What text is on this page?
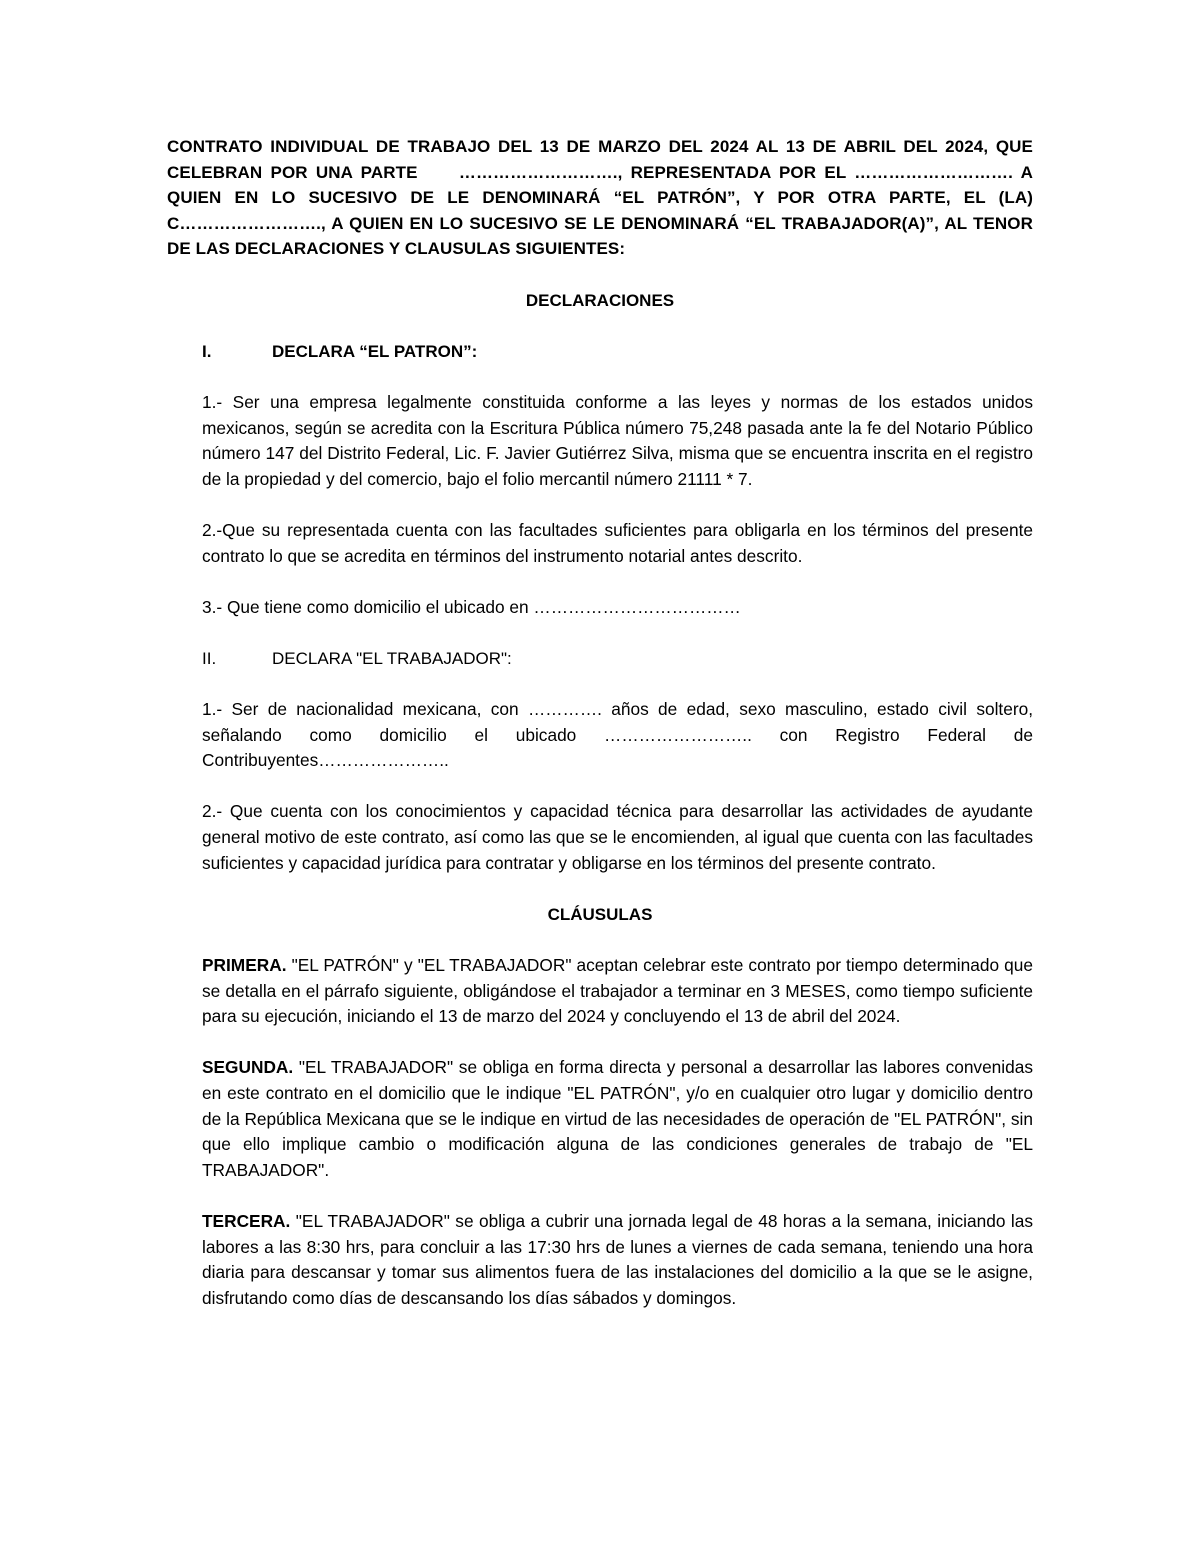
CONTRATO INDIVIDUAL DE TRABAJO DEL 13 DE MARZO DEL 2024 AL 13 DE ABRIL DEL 2024, QUE CELEBRAN POR UNA PARTE     ………………………., REPRESENTADA POR EL ………………………. A QUIEN EN LO SUCESIVO DE LE DENOMINARÁ “EL PATRÓN”, Y POR OTRA PARTE, EL (LA) C……………………., A QUIEN EN LO SUCESIVO SE LE DENOMINARÁ “EL TRABAJADOR(A)”, AL TENOR DE LAS DECLARACIONES Y CLAUSULAS SIGUIENTES:

DECLARACIONES

I.	DECLARA “EL PATRON”:

1.- Ser una empresa legalmente constituida conforme a las leyes y normas de los estados unidos mexicanos, según se acredita con la Escritura Pública número 75,248 pasada ante la fe del Notario Público número 147 del Distrito Federal, Lic. F. Javier Gutiérrez Silva, misma que se encuentra inscrita en el registro de la propiedad y del comercio, bajo el folio mercantil número 21111 * 7.

2.-Que su representada cuenta con las facultades suficientes para obligarla en los términos del presente contrato lo que se acredita en términos del instrumento notarial antes descrito.

3.- Que tiene como domicilio el ubicado en ………………………………

II.	DECLARA "EL TRABAJADOR":

1.- Ser de nacionalidad mexicana, con …………. años de edad, sexo masculino, estado civil soltero, señalando como domicilio el ubicado …………………….. con Registro Federal de Contribuyentes…………………..

2.- Que cuenta con los conocimientos y capacidad técnica para desarrollar las actividades de ayudante general motivo de este contrato, así como las que se le encomienden, al igual que cuenta con las facultades suficientes y capacidad jurídica para contratar y obligarse en los términos del presente contrato.

CLÁUSULAS

PRIMERA. "EL PATRÓN" y "EL TRABAJADOR" aceptan celebrar este contrato por tiempo determinado que se detalla en el párrafo siguiente, obligándose el trabajador a terminar en 3 MESES, como tiempo suficiente para su ejecución, iniciando el 13 de marzo del 2024 y concluyendo el 13 de abril del 2024.

SEGUNDA. "EL TRABAJADOR" se obliga en forma directa y personal a desarrollar las labores convenidas en este contrato en el domicilio que le indique "EL PATRÓN", y/o en cualquier otro lugar y domicilio dentro de la República Mexicana que se le indique en virtud de las necesidades de operación de "EL PATRÓN", sin que ello implique cambio o modificación alguna de las condiciones generales de trabajo de "EL TRABAJADOR".

TERCERA. "EL TRABAJADOR" se obliga a cubrir una jornada legal de 48 horas a la semana, iniciando las labores a las 8:30 hrs, para concluir a las 17:30 hrs de lunes a viernes de cada semana, teniendo una hora diaria para descansar y tomar sus alimentos fuera de las instalaciones del domicilio a la que se le asigne, disfrutando como días de descansando los días sábados y domingos.
